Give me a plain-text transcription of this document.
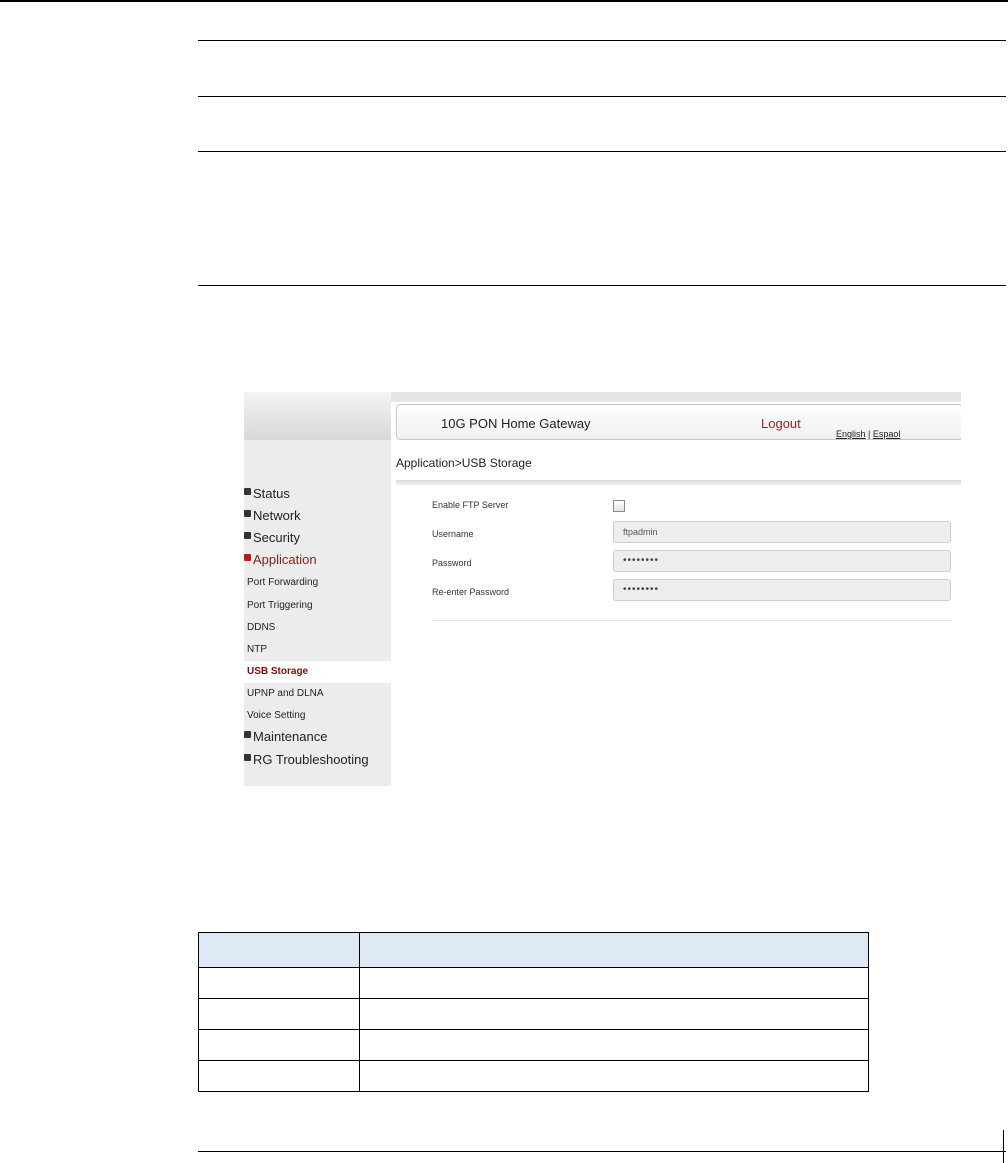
Status
Network
Security
Application
Port Forwarding
Port Triggering
DDNS
NTP
USB Storage
UPNP and DLNA
Voice Setting
Maintenance
RG Troubleshooting
10G PON Home Gateway	Logout
English | Espaol
Application>USB Storage
Enable FTP Server
Username	ftpadmin
Password	••••••••
Re-enter Password	••••••••
